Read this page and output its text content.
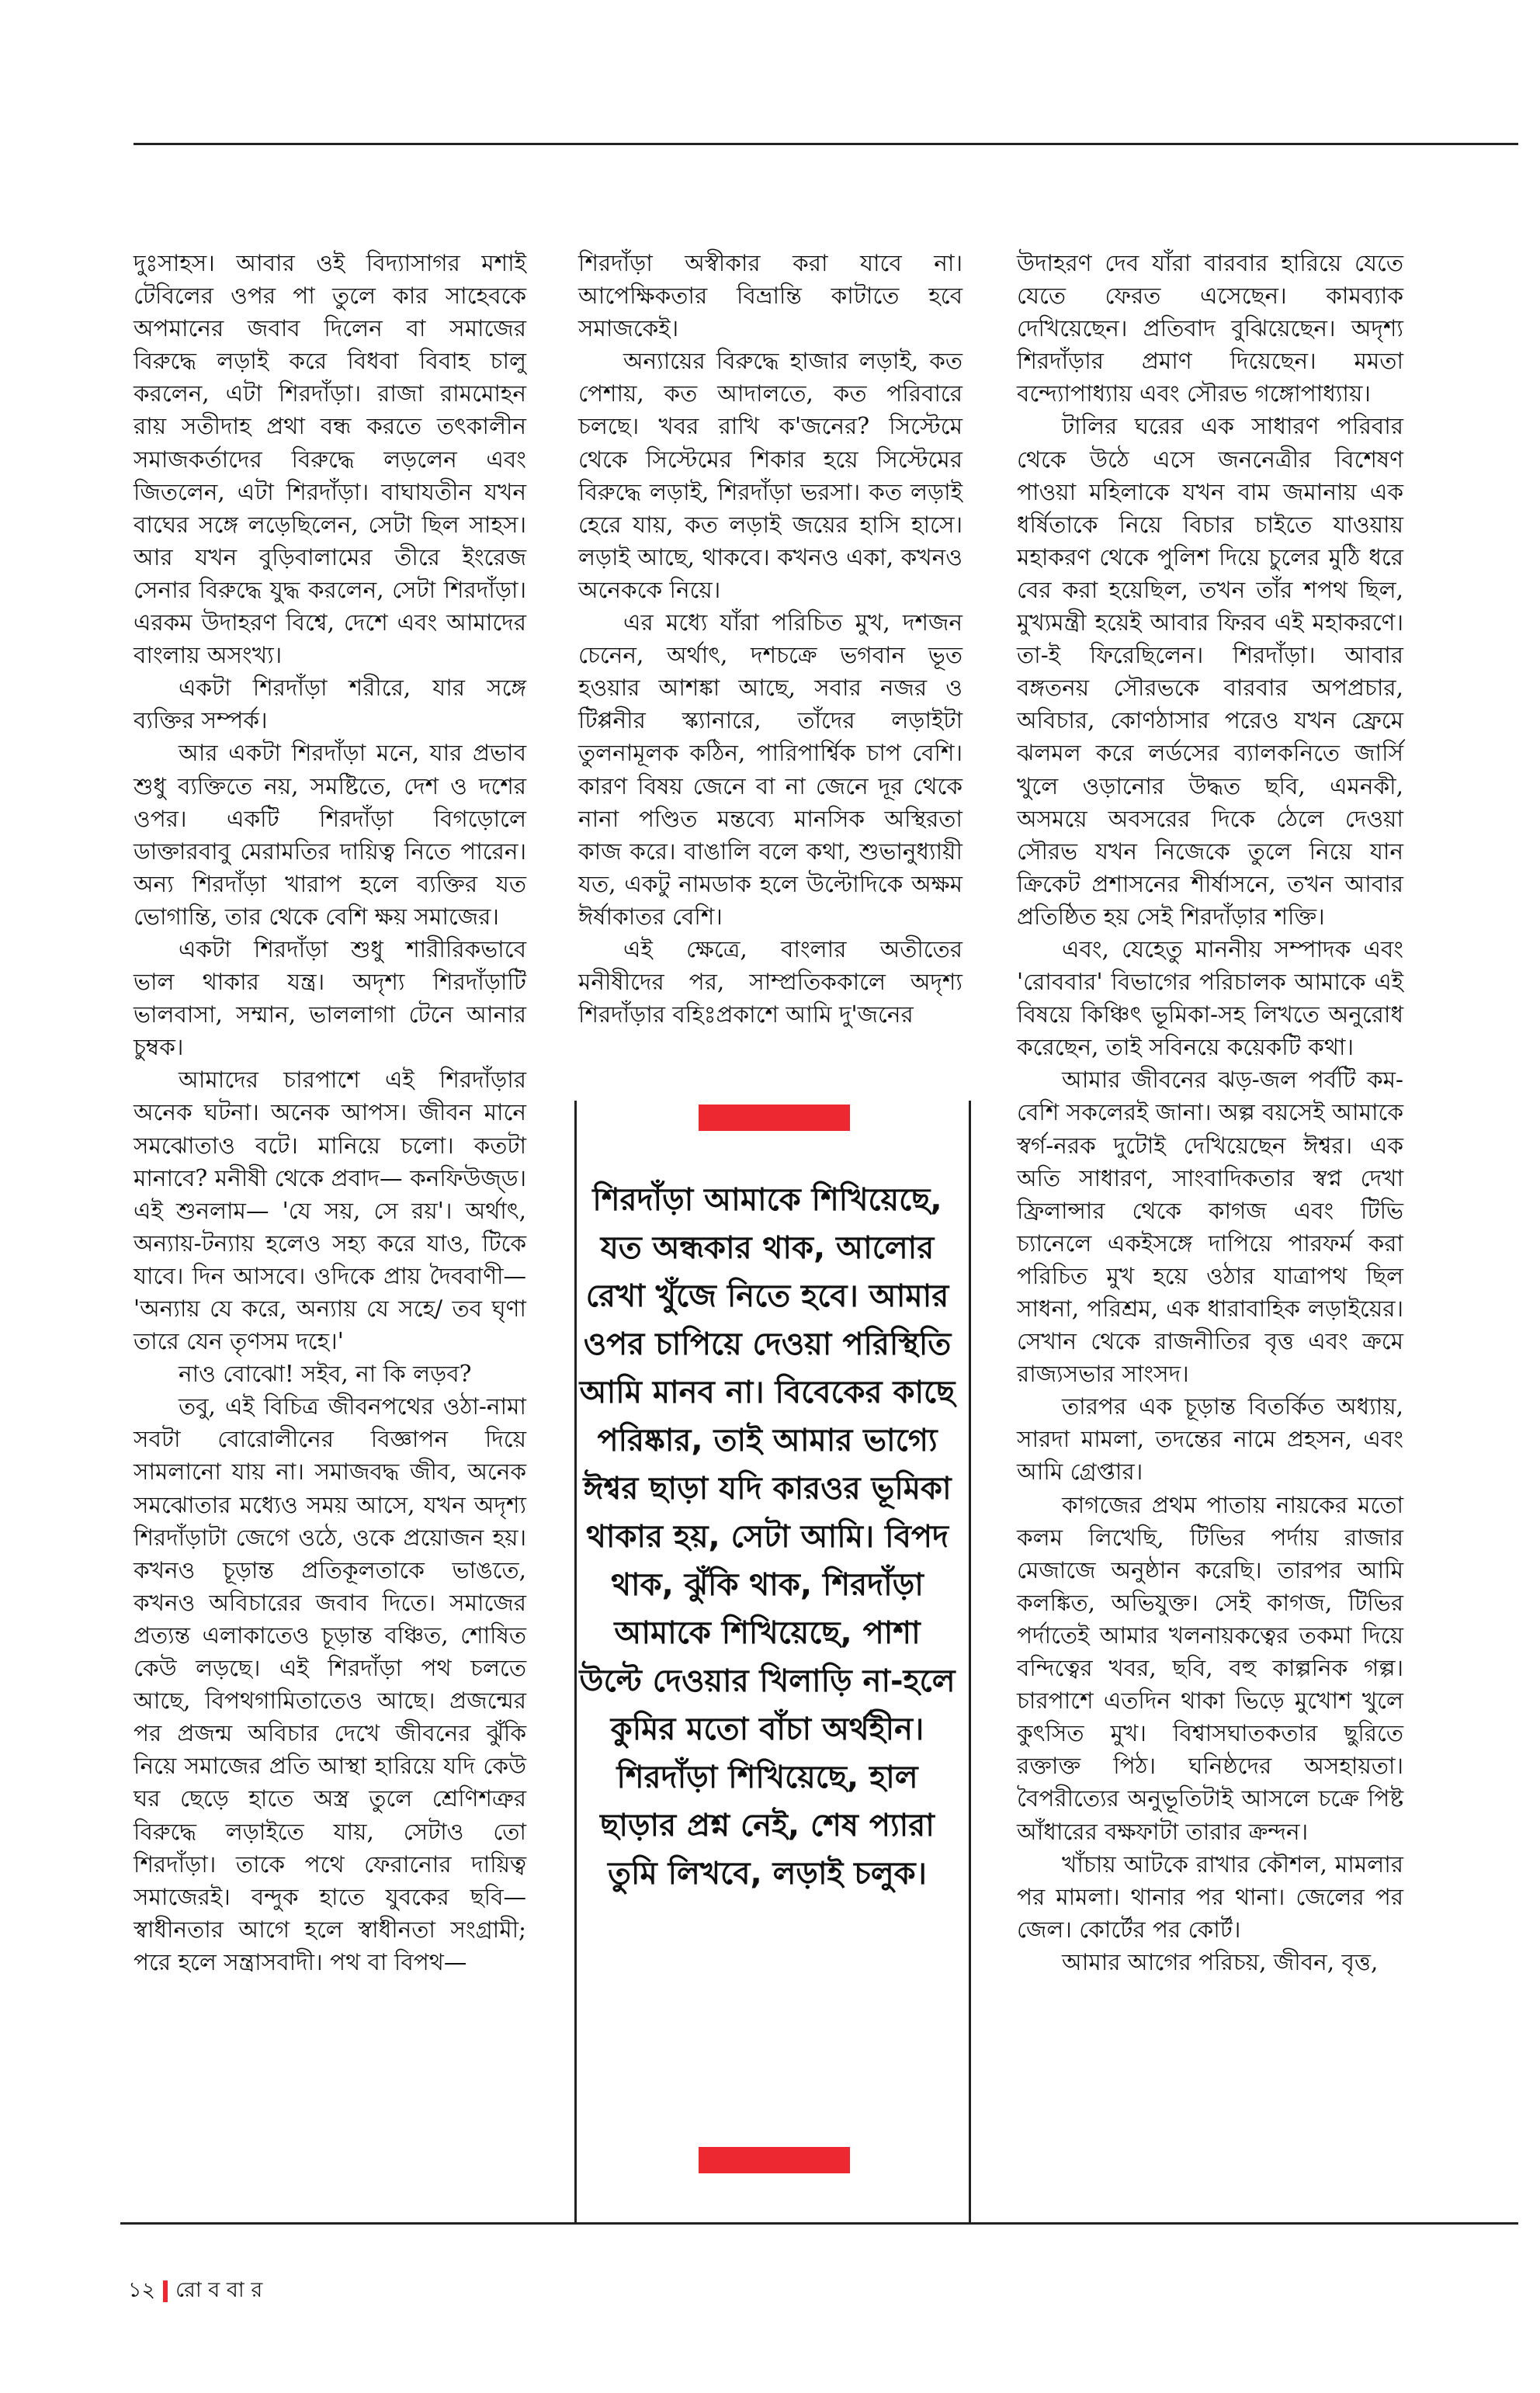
দুঃসাহস। আবার ওই বিদ্যাসাগর মশাই টেবিলের ওপর পা তুলে কার সাহেবকে অপমানের জবাব দিলেন বা সমাজের বিরুদ্ধে লড়াই করে বিধবা বিবাহ চালু করলেন, এটা শিরদাঁড়া। রাজা রামমোহন রায় সতীদাহ প্রথা বন্ধ করতে তৎকালীন সমাজকর্তাদের বিরুদ্ধে লড়লেন এবং জিতলেন, এটা শিরদাঁড়া। বাঘাযতীন যখন বাঘের সঙ্গে লড়েছিলেন, সেটা ছিল সাহস। আর যখন বুড়িবালামের তীরে ইংরেজ সেনার বিরুদ্ধে যুদ্ধ করলেন, সেটা শিরদাঁড়া। এরকম উদাহরণ বিশ্বে, দেশে এবং আমাদের বাংলায় অসংখ্য।

একটা শিরদাঁড়া শরীরে, যার সঙ্গে ব্যক্তির সম্পর্ক।

আর একটা শিরদাঁড়া মনে, যার প্রভাব শুধু ব্যক্তিতে নয়, সমষ্টিতে, দেশ ও দশের ওপর। একটি শিরদাঁড়া বিগড়োলে ডাক্তারবাবু মেরামতির দায়িত্ব নিতে পারেন। অন্য শিরদাঁড়া খারাপ হলে ব্যক্তির যত ভোগান্তি, তার থেকে বেশি ক্ষয় সমাজের।

একটা শিরদাঁড়া শুধু শারীরিকভাবে ভাল থাকার যন্ত্র। অদৃশ্য শিরদাঁড়াটি ভালবাসা, সম্মান, ভাললাগা টেনে আনার চুম্বক।

আমাদের চারপাশে এই শিরদাঁড়ার অনেক ঘটনা। অনেক আপস। জীবন মানে সমঝোতাও বটে। মানিয়ে চলো। কতটা মানাবে? মনীষী থেকে প্রবাদ— কনফিউজ্ড। এই শুনলাম— 'যে সয়, সে রয়'। অর্থাৎ, অন্যায়-টন্যায় হলেও সহ্য করে যাও, টিকে যাবে। দিন আসবে। ওদিকে প্রায় দৈববাণী— 'অন্যায় যে করে, অন্যায় যে সহে/ তব ঘৃণা তারে যেন তৃণসম দহে।'

নাও বোঝো! সইব, না কি লড়ব?

তবু, এই বিচিত্র জীবনপথের ওঠা-নামা সবটা বোরোলীনের বিজ্ঞাপন দিয়ে সামলানো যায় না। সমাজবদ্ধ জীব, অনেক সমঝোতার মধ্যেও সময় আসে, যখন অদৃশ্য শিরদাঁড়াটা জেগে ওঠে, ওকে প্রয়োজন হয়। কখনও চূড়ান্ত প্রতিকূলতাকে ভাঙতে, কখনও অবিচারের জবাব দিতে। সমাজের প্রত্যন্ত এলাকাতেও চূড়ান্ত বঞ্চিত, শোষিত কেউ লড়ছে। এই শিরদাঁড়া পথ চলতে আছে, বিপথগামিতাতেও আছে। প্রজন্মের পর প্রজন্ম অবিচার দেখে জীবনের ঝুঁকি নিয়ে সমাজের প্রতি আস্থা হারিয়ে যদি কেউ ঘর ছেড়ে হাতে অস্ত্র তুলে শ্রেণিশত্রুর বিরুদ্ধে লড়াইতে যায়, সেটাও তো শিরদাঁড়া। তাকে পথে ফেরানোর দায়িত্ব সমাজেরই। বন্দুক হাতে যুবকের ছবি— স্বাধীনতার আগে হলে স্বাধীনতা সংগ্রামী; পরে হলে সন্ত্রাসবাদী। পথ বা বিপথ—

শিরদাঁড়া অস্বীকার করা যাবে না। আপেক্ষিকতার বিভ্রান্তি কাটাতে হবে সমাজকেই।

অন্যায়ের বিরুদ্ধে হাজার লড়াই, কত পেশায়, কত আদালতে, কত পরিবারে চলছে। খবর রাখি ক'জনের? সিস্টেমে থেকে সিস্টেমের শিকার হয়ে সিস্টেমের বিরুদ্ধে লড়াই, শিরদাঁড়া ভরসা। কত লড়াই হেরে যায়, কত লড়াই জয়ের হাসি হাসে। লড়াই আছে, থাকবে। কখনও একা, কখনও অনেককে নিয়ে।

এর মধ্যে যাঁরা পরিচিত মুখ, দশজন চেনেন, অর্থাৎ, দশচক্রে ভগবান ভূত হওয়ার আশঙ্কা আছে, সবার নজর ও টিপ্পনীর স্ক্যানারে, তাঁদের লড়াইটা তুলনামূলক কঠিন, পারিপার্শ্বিক চাপ বেশি। কারণ বিষয় জেনে বা না জেনে দূর থেকে নানা পণ্ডিত মন্তব্যে মানসিক অস্থিরতা কাজ করে। বাঙালি বলে কথা, শুভানুধ্যায়ী যত, একটু নামডাক হলে উল্টোদিকে অক্ষম ঈর্ষাকাতর বেশি।

এই ক্ষেত্রে, বাংলার অতীতের মনীষীদের পর, সাম্প্রতিককালে অদৃশ্য শিরদাঁড়ার বহিঃপ্রকাশে আমি দু'জনের

শিরদাঁড়া আমাকে শিখিয়েছে, যত অন্ধকার থাক, আলোর রেখা খুঁজে নিতে হবে। আমার ওপর চাপিয়ে দেওয়া পরিস্থিতি আমি মানব না। বিবেকের কাছে পরিষ্কার, তাই আমার ভাগ্যে ঈশ্বর ছাড়া যদি কারওর ভূমিকা থাকার হয়, সেটা আমি। বিপদ থাক, ঝুঁকি থাক, শিরদাঁড়া আমাকে শিখিয়েছে, পাশা উল্টে দেওয়ার খিলাড়ি না-হলে কুমির মতো বাঁচা অর্থহীন। শিরদাঁড়া শিখিয়েছে, হাল ছাড়ার প্রশ্ন নেই, শেষ প্যারা তুমি লিখবে, লড়াই চলুক।

উদাহরণ দেব যাঁরা বারবার হারিয়ে যেতে যেতে ফেরত এসেছেন। কামব্যাক দেখিয়েছেন। প্রতিবাদ বুঝিয়েছেন। অদৃশ্য শিরদাঁড়ার প্রমাণ দিয়েছেন। মমতা বন্দ্যোপাধ্যায় এবং সৌরভ গঙ্গোপাধ্যায়।

টালির ঘরের এক সাধারণ পরিবার থেকে উঠে এসে জননেত্রীর বিশেষণ পাওয়া মহিলাকে যখন বাম জমানায় এক ধর্ষিতাকে নিয়ে বিচার চাইতে যাওয়ায় মহাকরণ থেকে পুলিশ দিয়ে চুলের মুঠি ধরে বের করা হয়েছিল, তখন তাঁর শপথ ছিল, মুখ্যমন্ত্রী হয়েই আবার ফিরব এই মহাকরণে। তা-ই ফিরেছিলেন। শিরদাঁড়া। আবার বঙ্গতনয় সৌরভকে বারবার অপপ্রচার, অবিচার, কোণঠাসার পরেও যখন ফ্রেমে ঝলমল করে লর্ডসের ব্যালকনিতে জার্সি খুলে ওড়ানোর উদ্ধত ছবি, এমনকী, অসময়ে অবসরের দিকে ঠেলে দেওয়া সৌরভ যখন নিজেকে তুলে নিয়ে যান ক্রিকেট প্রশাসনের শীর্ষাসনে, তখন আবার প্রতিষ্ঠিত হয় সেই শিরদাঁড়ার শক্তি।

এবং, যেহেতু মাননীয় সম্পাদক এবং 'রোববার' বিভাগের পরিচালক আমাকে এই বিষয়ে কিঞ্চিৎ ভূমিকা-সহ লিখতে অনুরোধ করেছেন, তাই সবিনয়ে কয়েকটি কথা।

আমার জীবনের ঝড়-জল পর্বটি কম-বেশি সকলেরই জানা। অল্প বয়সেই আমাকে স্বর্গ-নরক দুটোই দেখিয়েছেন ঈশ্বর। এক অতি সাধারণ, সাংবাদিকতার স্বপ্ন দেখা ফ্রিলান্সার থেকে কাগজ এবং টিভি চ্যানেলে একইসঙ্গে দাপিয়ে পারফর্ম করা পরিচিত মুখ হয়ে ওঠার যাত্রাপথ ছিল সাধনা, পরিশ্রম, এক ধারাবাহিক লড়াইয়ের। সেখান থেকে রাজনীতির বৃত্ত এবং ক্রমে রাজ্যসভার সাংসদ।

তারপর এক চূড়ান্ত বিতর্কিত অধ্যায়, সারদা মামলা, তদন্তের নামে প্রহসন, এবং আমি গ্রেপ্তার।

কাগজের প্রথম পাতায় নায়কের মতো কলম লিখেছি, টিভির পর্দায় রাজার মেজাজে অনুষ্ঠান করেছি। তারপর আমি কলঙ্কিত, অভিযুক্ত। সেই কাগজ, টিভির পর্দাতেই আমার খলনায়কত্বের তকমা দিয়ে বন্দিত্বের খবর, ছবি, বহু কাল্পনিক গল্প। চারপাশে এতদিন থাকা ভিড়ে মুখোশ খুলে কুৎসিত মুখ। বিশ্বাসঘাতকতার ছুরিতে রক্তাক্ত পিঠ। ঘনিষ্ঠদের অসহায়তা। বৈপরীত্যের অনুভূতিটাই আসলে চক্রে পিষ্ট আঁধারের বক্ষফাটা তারার ক্রন্দন।

খাঁচায় আটকে রাখার কৌশল, মামলার পর মামলা। থানার পর থানা। জেলের পর জেল। কোর্টের পর কোর্ট।

আমার আগের পরিচয়, জীবন, বৃত্ত,

১২ রো ব বা র
